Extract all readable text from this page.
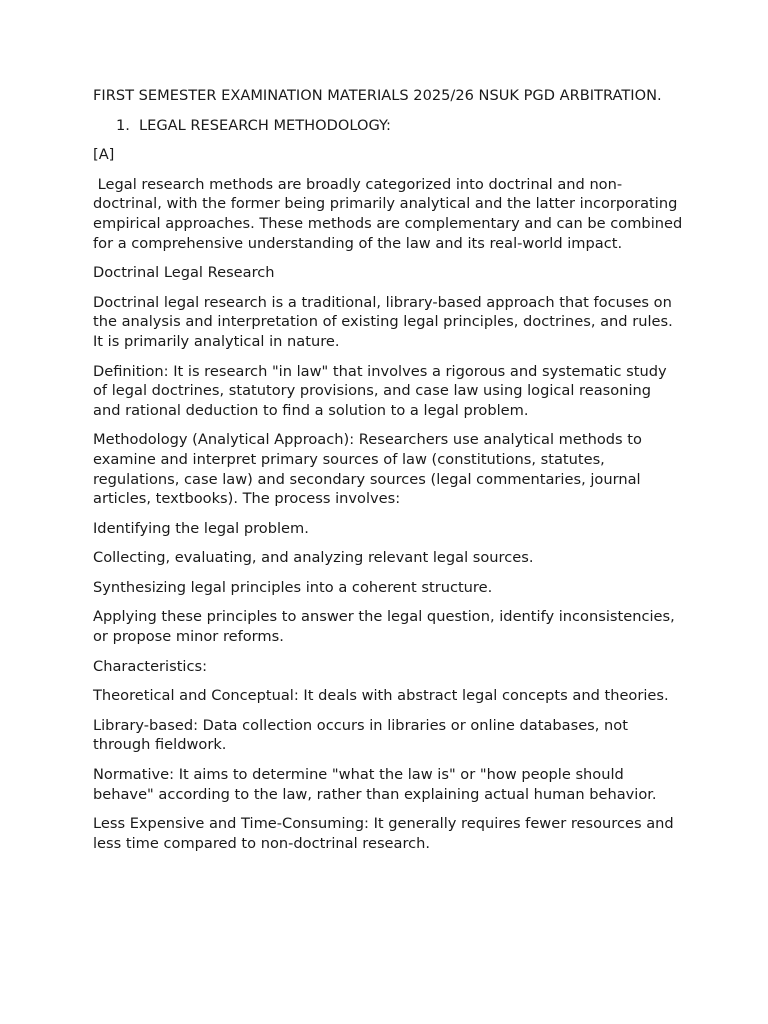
FIRST SEMESTER EXAMINATION MATERIALS 2025/26 NSUK PGD ARBITRATION.

1. LEGAL RESEARCH METHODOLOGY:

[A]

Legal research methods are broadly categorized into doctrinal and non-doctrinal, with the former being primarily analytical and the latter incorporating empirical approaches. These methods are complementary and can be combined for a comprehensive understanding of the law and its real-world impact.

Doctrinal Legal Research

Doctrinal legal research is a traditional, library-based approach that focuses on the analysis and interpretation of existing legal principles, doctrines, and rules. It is primarily analytical in nature.

Definition: It is research "in law" that involves a rigorous and systematic study of legal doctrines, statutory provisions, and case law using logical reasoning and rational deduction to find a solution to a legal problem.

Methodology (Analytical Approach): Researchers use analytical methods to examine and interpret primary sources of law (constitutions, statutes, regulations, case law) and secondary sources (legal commentaries, journal articles, textbooks). The process involves:

Identifying the legal problem.

Collecting, evaluating, and analyzing relevant legal sources.

Synthesizing legal principles into a coherent structure.

Applying these principles to answer the legal question, identify inconsistencies, or propose minor reforms.

Characteristics:

Theoretical and Conceptual: It deals with abstract legal concepts and theories.

Library-based: Data collection occurs in libraries or online databases, not through fieldwork.

Normative: It aims to determine "what the law is" or "how people should behave" according to the law, rather than explaining actual human behavior.

Less Expensive and Time-Consuming: It generally requires fewer resources and less time compared to non-doctrinal research.
